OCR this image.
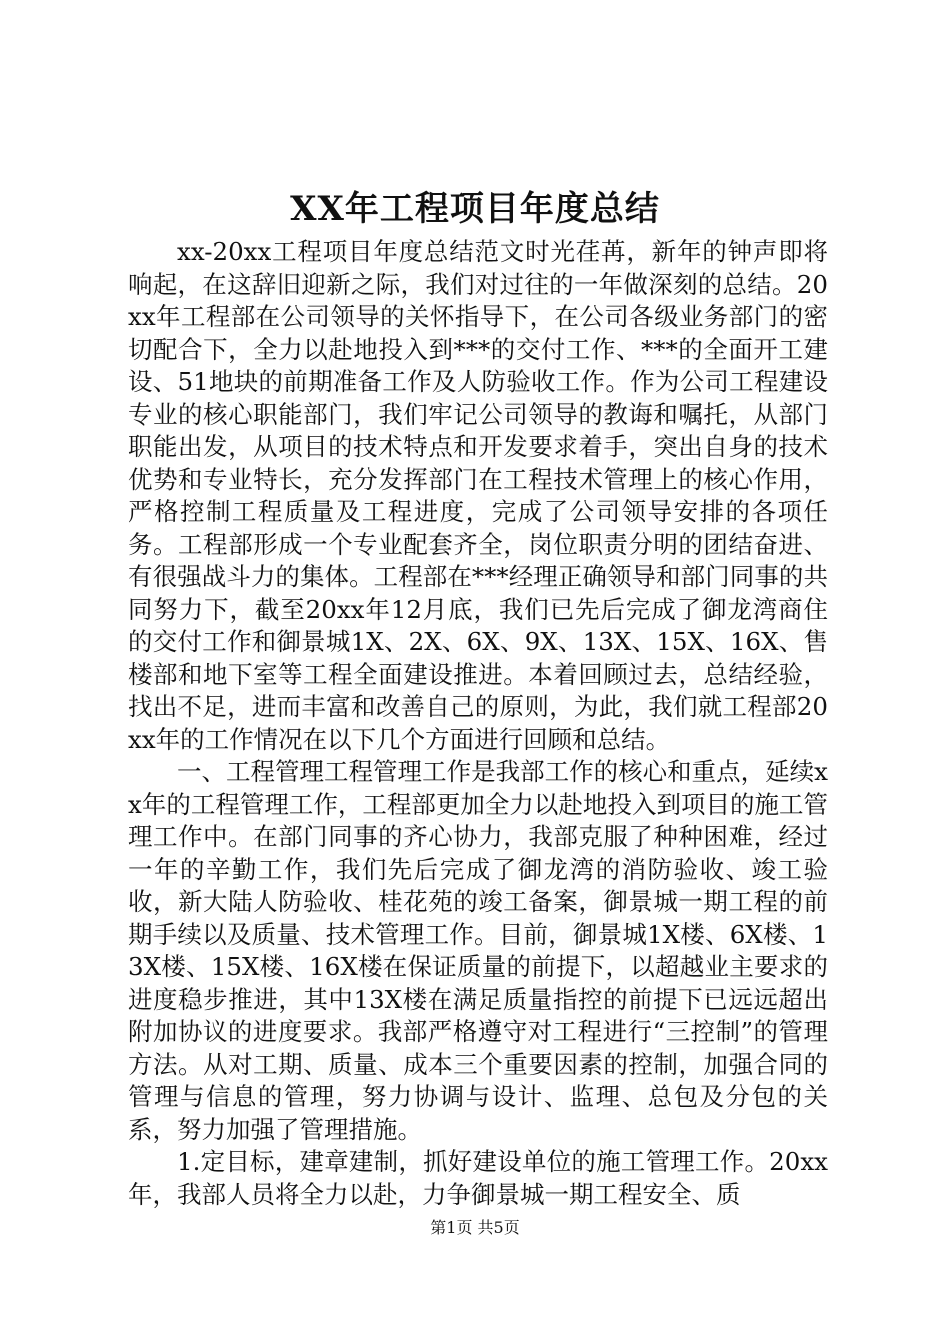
XX年工程项目年度总结

xx-20xx工程项目年度总结范文时光荏苒，新年的钟声即将响起，在这辞旧迎新之际，我们对过往的一年做深刻的总结。20xx年工程部在公司领导的关怀指导下，在公司各级业务部门的密切配合下，全力以赴地投入到***的交付工作、***的全面开工建设、51地块的前期准备工作及人防验收工作。作为公司工程建设专业的核心职能部门，我们牢记公司领导的教诲和嘱托，从部门职能出发，从项目的技术特点和开发要求着手，突出自身的技术优势和专业特长，充分发挥部门在工程技术管理上的核心作用，严格控制工程质量及工程进度，完成了公司领导安排的各项任务。工程部形成一个专业配套齐全，岗位职责分明的团结奋进、有很强战斗力的集体。工程部在***经理正确领导和部门同事的共同努力下，截至20xx年12月底，我们已先后完成了御龙湾商住的交付工作和御景城1X、2X、6X、9X、13X、15X、16X、售楼部和地下室等工程全面建设推进。本着回顾过去，总结经验，找出不足，进而丰富和改善自己的原则，为此，我们就工程部20xx年的工作情况在以下几个方面进行回顾和总结。

一、工程管理工程管理工作是我部工作的核心和重点，延续xx年的工程管理工作，工程部更加全力以赴地投入到项目的施工管理工作中。在部门同事的齐心协力，我部克服了种种困难，经过一年的辛勤工作，我们先后完成了御龙湾的消防验收、竣工验收，新大陆人防验收、桂花苑的竣工备案，御景城一期工程的前期手续以及质量、技术管理工作。目前，御景城1X楼、6X楼、13X楼、15X楼、16X楼在保证质量的前提下，以超越业主要求的进度稳步推进，其中13X楼在满足质量指控的前提下已远远超出附加协议的进度要求。我部严格遵守对工程进行“三控制”的管理方法。从对工期、质量、成本三个重要因素的控制，加强合同的管理与信息的管理，努力协调与设计、监理、总包及分包的关系，努力加强了管理措施。

1.定目标，建章建制，抓好建设单位的施工管理工作。20xx年，我部人员将全力以赴，力争御景城一期工程安全、质

第1页 共5页
